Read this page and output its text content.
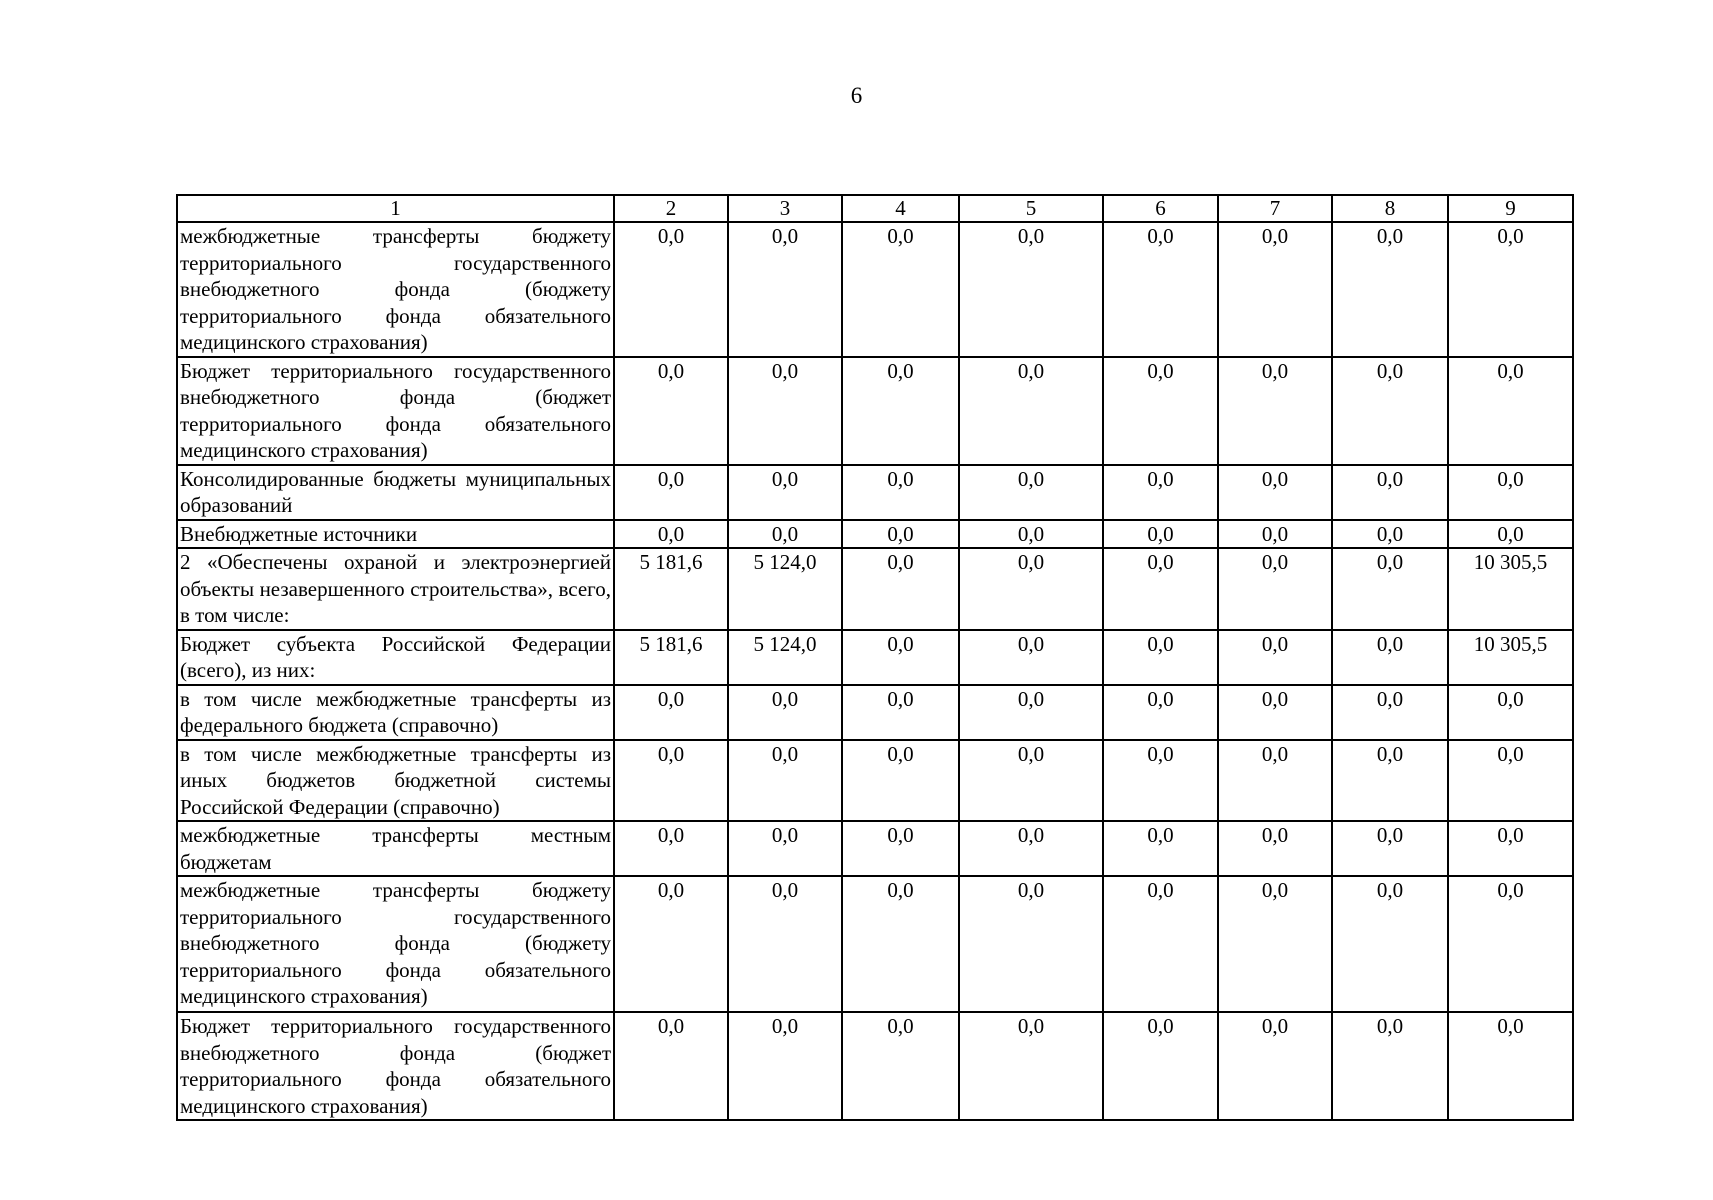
6
1	2	3	4	5	6	7	8	9
межбюджетные трансферты бюджету территориального государственного внебюджетного фонда (бюджету территориального фонда обязательного медицинского страхования)	0,0	0,0	0,0	0,0	0,0	0,0	0,0	0,0
Бюджет территориального государственного внебюджетного фонда (бюджет территориального фонда обязательного медицинского страхования)	0,0	0,0	0,0	0,0	0,0	0,0	0,0	0,0
Консолидированные бюджеты муниципальных образований	0,0	0,0	0,0	0,0	0,0	0,0	0,0	0,0
Внебюджетные источники	0,0	0,0	0,0	0,0	0,0	0,0	0,0	0,0
2 «Обеспечены охраной и электроэнергией объекты незавершенного строительства», всего, в том числе:	5 181,6	5 124,0	0,0	0,0	0,0	0,0	0,0	10 305,5
Бюджет субъекта Российской Федерации (всего), из них:	5 181,6	5 124,0	0,0	0,0	0,0	0,0	0,0	10 305,5
в том числе межбюджетные трансферты из федерального бюджета (справочно)	0,0	0,0	0,0	0,0	0,0	0,0	0,0	0,0
в том числе межбюджетные трансферты из иных бюджетов бюджетной системы Российской Федерации (справочно)	0,0	0,0	0,0	0,0	0,0	0,0	0,0	0,0
межбюджетные трансферты местным бюджетам	0,0	0,0	0,0	0,0	0,0	0,0	0,0	0,0
межбюджетные трансферты бюджету территориального государственного внебюджетного фонда (бюджету территориального фонда обязательного медицинского страхования)	0,0	0,0	0,0	0,0	0,0	0,0	0,0	0,0
Бюджет территориального государственного внебюджетного фонда (бюджет территориального фонда обязательного медицинского страхования)	0,0	0,0	0,0	0,0	0,0	0,0	0,0	0,0
